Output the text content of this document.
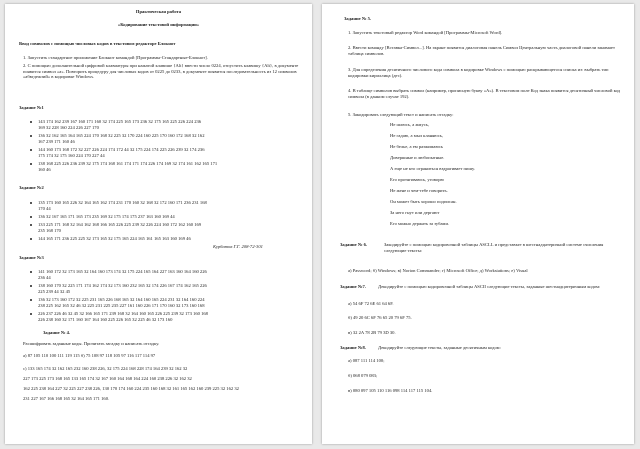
Практическая работа
«Кодирование текстовой информации»
Ввод символов с помощью числовых кодов в текстовом редакторе Блокнот
1. Запустить стандартное приложение Блокнот командой [Программы-Стандартные-Блокнот].
2. С помощью дополнительной цифровой клавиатуры при нажатой клавише {Alt} ввести число 0224, отпустить клавишу {Alt}, в документе появится символ «а». Повторить процедуру для числовых кодов от 0225 до 0233, в документе появится последовательность из 12 символов «абвгдежзий» в кодировке Windows.
Задание №1
143 174 162 239 167 160 171 160 32 174 225 165 173 236 32 175 165 225 226 224 236
169 32 228 160 224 226 227 170
136 32 162 165 164 165 224 170 168 32 225 32 170 224 160 225 170 160 172 168 32 162
167 239 171 160 46
144 160 173 168 172 32 227 226 224 174 172 44 32 175 224 174 225 226 239 32 174 236
175 174 32 175 160 224 170 227 44
138 168 225 226 236 239 32 175 174 168 161 174 171 174 226 174 169 32 174 161 162 165 171
160 46
Задание №2
135 173 160 165 226 32 164 165 162 174 231 170 160 32 168 32 172 160 171 236 231 168
170 44
136 32 167 165 171 165 173 235 169 32 175 174 175 237 163 160 169 44
133 225 171 168 32 164 162 168 166 165 226 225 239 32 226 224 160 172 162 160 169
235 168 170
144 165 171 236 225 225 32 173 165 32 175 165 224 165 161 165 163 160 169 46
Курбатов Г.Г. 208-72-301
Задание №3
141 160 172 32 173 165 32 164 160 173 174 32 175 224 165 164 227 163 160 164 160 226
236 44
138 160 170 32 225 171 174 162 174 32 173 160 232 165 32 174 226 167 174 162 165 226
225 239 44 32 45
136 32 173 160 172 32 225 231 165 226 168 165 32 164 160 165 224 231 32 164 160 224
238 225 162 165 32 46 32 225 231 225 235 227 161 160 226 171 170 160 32 173 160 168
226 237 226 46 32 45 32 166 165 171 239 168 32 164 160 165 226 225 239 32 173 160 168
226 238 160 32 171 160 167 164 160 225 226 165 32 225 46 32 173 160
Задание № 4.
Расшифровать заданные коды. Прочитать загадку и написать отгадку.
а) 87 105 110 100 111 119 115 б) 75 108 97 118 105 97 116 117 114 97
с) 133 165 174 32 162 165 232 160 238 226, 32 175 224 168 228 174 164 239 32 162 32
227 173 225 173 168 165 133 165 174 32 167 160 164 168 164 224 160 238 226 32 162 32
162 225 238 164 227 32 225 227 238 226, 130 170 174 160 224 235 160 168 32 161 165 162 160 239 225 32 162 32
231 227 167 166 168 165 32 164 165 171 160.
Задание № 5.
1. Запустить текстовый редактор Word командой [Программы-Microsoft Word].
2. Ввести команду [Вставка-Символ...]. На экране появится диалоговая панель Символ Центральную часть диалоговой панели занимает таблица символов.
3. Для определения десятичного числового кода символа в кодировке Windows с помощью раскрывающегося списка из: выбрать тип кодировки кириллица (дес).
4. В таблице символов выбрать символ (например, прописную букву «А»). В текстовом поле Код знака появится десятичный числовой код символа (в данном случае 192).
5. Закодировать следующий текст и написать отгадку:
Не шлюсь, а жмусь,
Не гадаю, а мыл кланяюсь,
Не белье, а ем разжимаюсь
Довершные и любопытные.
А еще не кто ограниться вздрагивает пишу.
Его протягиваюсь, уговорю
Не жене и чем-тебе говорить.
Он может быть хорошо подписан.
За него гнут или дергают
Его можно держать за зубами.
Задание № 6.	Закодируйте с помощью кодировочной таблицы ASCLL и представьте в шестнадцатеричной системе счисления следующие тексты:
a) Password; б) Windows; в) Norton Commander; г) Microsoft Office; д) Workstations; е) Visual
Задание №7.	Декодируйте с помощью кодировочной таблицы ASCII следующие тексты, заданные шестнадцатеричным кодом:
а) 54 6F 72 6E 61 64 6F.
б) 49 20 6C 6F 76 65 20 79 6F 75.
в) 32 2A 78 2B 79 3D 30.
Задание №8.	Декодируйте следующие тексты, заданные десятичным кодом:
а) 087 111 114 100;
б) 068 079 083;
в) 080 097 105 110 116 098 114 117 115 104.
